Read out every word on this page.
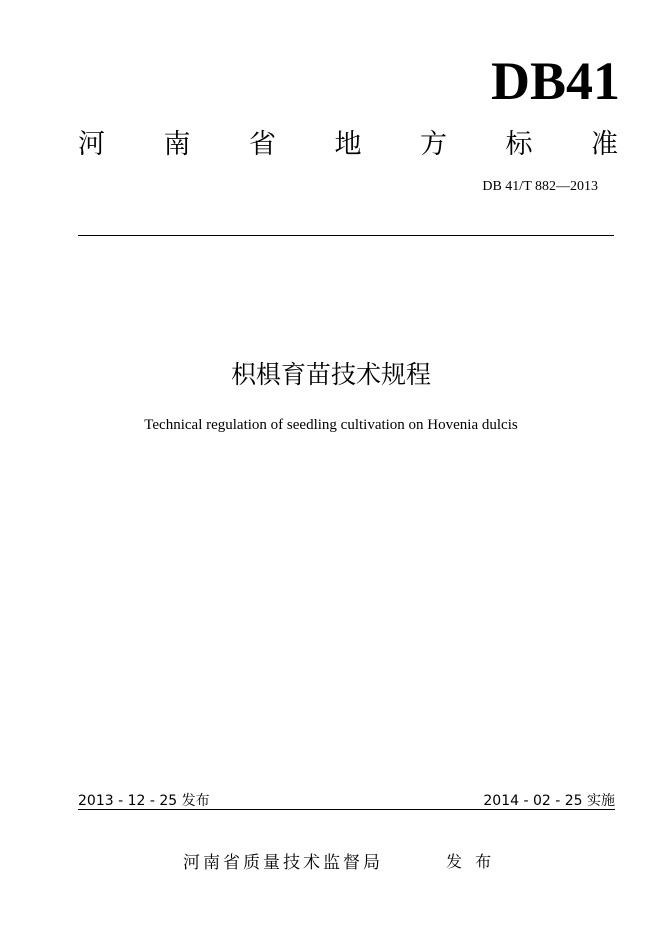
DB41
河 南 省 地 方 标 准
DB 41/T 882—2013
枳椇育苗技术规程
Technical regulation of seedling cultivation on Hovenia dulcis
2013 - 12 - 25 发布	2014 - 02 - 25 实施
河南省质量技术监督局	发 布
